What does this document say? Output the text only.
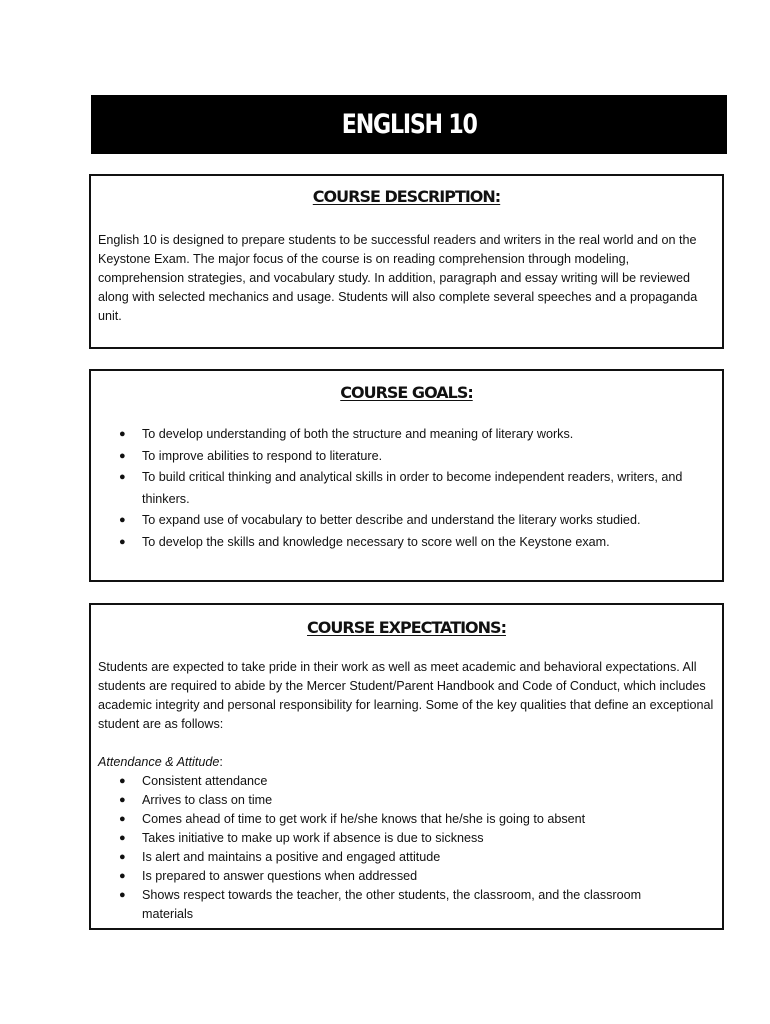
ENGLISH 10
COURSE DESCRIPTION:

English 10 is designed to prepare students to be successful readers and writers in the real world and on the Keystone Exam. The major focus of the course is on reading comprehension through modeling, comprehension strategies, and vocabulary study. In addition, paragraph and essay writing will be reviewed along with selected mechanics and usage. Students will also complete several speeches and a propaganda unit.

COURSE GOALS:
● To develop understanding of both the structure and meaning of literary works.
● To improve abilities to respond to literature.
● To build critical thinking and analytical skills in order to become independent readers, writers, and thinkers.
● To expand use of vocabulary to better describe and understand the literary works studied.
● To develop the skills and knowledge necessary to score well on the Keystone exam.
COURSE EXPECTATIONS:

Students are expected to take pride in their work as well as meet academic and behavioral expectations. All students are required to abide by the Mercer Student/Parent Handbook and Code of Conduct, which includes academic integrity and personal responsibility for learning. Some of the key qualities that define an exceptional student are as follows:

Attendance & Attitude:

● Consistent attendance
● Arrives to class on time
● Comes ahead of time to get work if he/she knows that he/she is going to absent
● Takes initiative to make up work if absence is due to sickness
● Is alert and maintains a positive and engaged attitude
● Is prepared to answer questions when addressed
● Shows respect towards the teacher, the other students, the classroom, and the classroom materials
